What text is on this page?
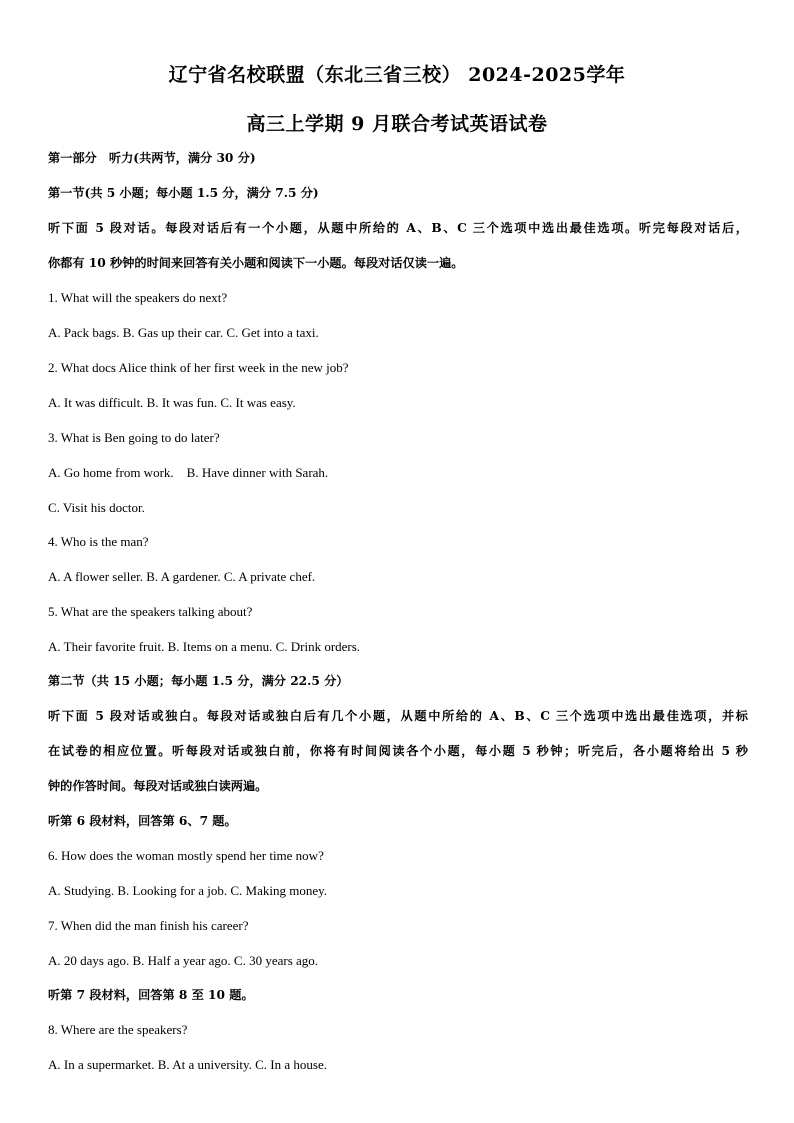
辽宁省名校联盟（东北三省三校） 2024-2025学年
高三上学期 9 月联合考试英语试卷
第一部分　听力(共两节，满分 30 分)
第一节(共 5 小题；每小题 1.5 分，满分 7.5 分)
听下面 5 段对话。每段对话后有一个小题，从题中所给的 A、B、C 三个选项中选出最佳选项。听完每段对话后，
你都有 10 秒钟的时间来回答有关小题和阅读下一小题。每段对话仅读一遍。
1. What will the speakers do next?
A. Pack bags. B. Gas up their car. C. Get into a taxi.
2. What docs Alice think of her first week in the new job?
A. It was difficult. B. It was fun. C. It was easy.
3. What is Ben going to do later?
A. Go home from work.　B. Have dinner with Sarah.
C. Visit his doctor.
4. Who is the man?
A. A flower seller. B. A gardener. C. A private chef.
5. What are the speakers talking about?
A. Their favorite fruit. B. Items on a menu. C. Drink orders.
第二节（共 15 小题；每小题 1.5 分，满分 22.5 分）
听下面 5 段对话或独白。每段对话或独白后有几个小题，从题中所给的 A、B、C 三个选项中选出最佳选项，并标
在试卷的相应位置。听每段对话或独白前，你将有时间阅读各个小题，每小题 5 秒钟；听完后，各小题将给出 5 秒
钟的作答时间。每段对话或独白读两遍。
听第 6 段材料，回答第 6、7 题。
6. How does the woman mostly spend her time now?
A. Studying. B. Looking for a job. C. Making money.
7. When did the man finish his career?
A. 20 days ago. B. Half a year ago. C. 30 years ago.
听第 7 段材料，回答第 8 至 10 题。
8. Where are the speakers?
A. In a supermarket. B. At a university. C. In a house.
